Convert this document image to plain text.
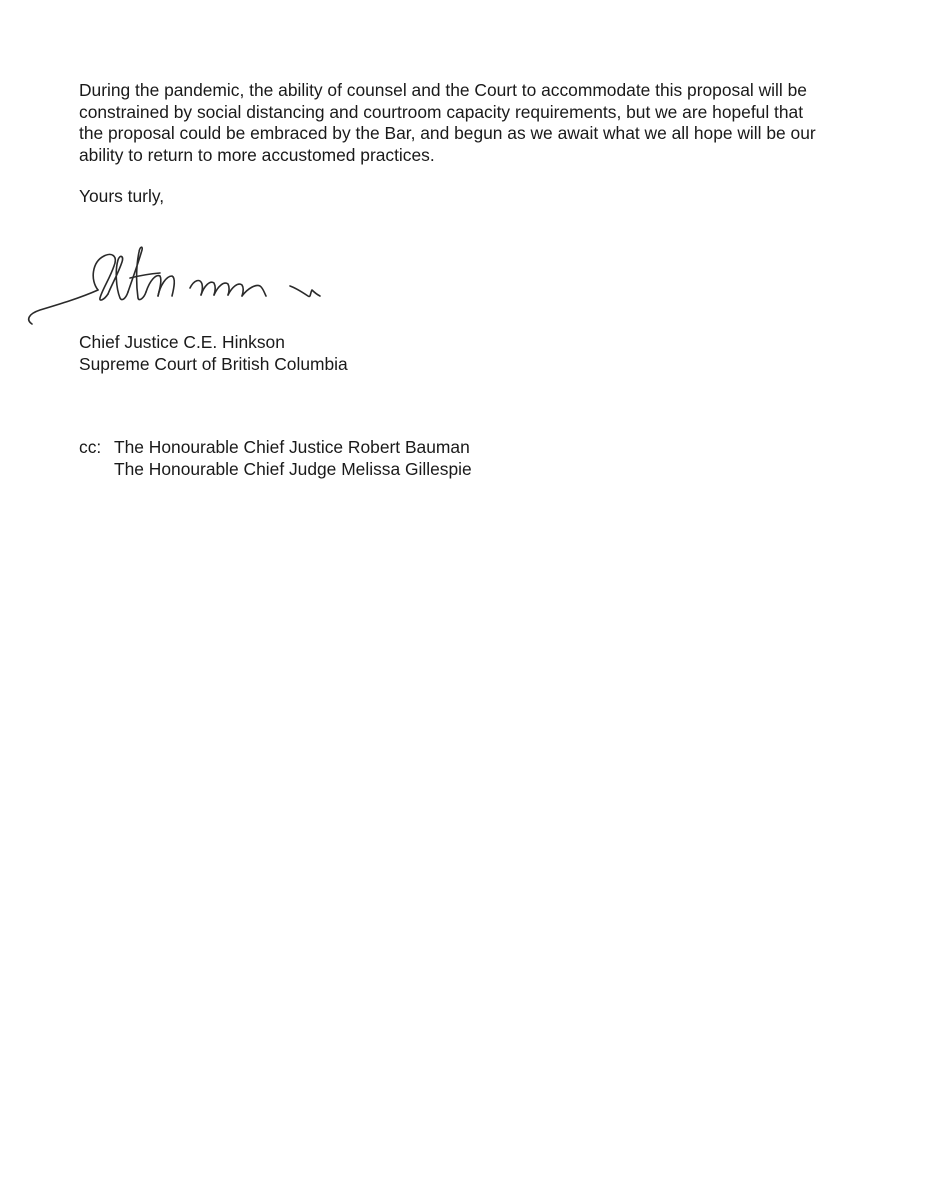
During the pandemic, the ability of counsel and the Court to accommodate this proposal will be
constrained by social distancing and courtroom capacity requirements, but we are hopeful that
the proposal could be embraced by the Bar, and begun as we await what we all hope will be our
ability to return to more accustomed practices.

Yours turly,

Chief Justice C.E. Hinkson
Supreme Court of British Columbia

cc: The Honourable Chief Justice Robert Bauman
The Honourable Chief Judge Melissa Gillespie
